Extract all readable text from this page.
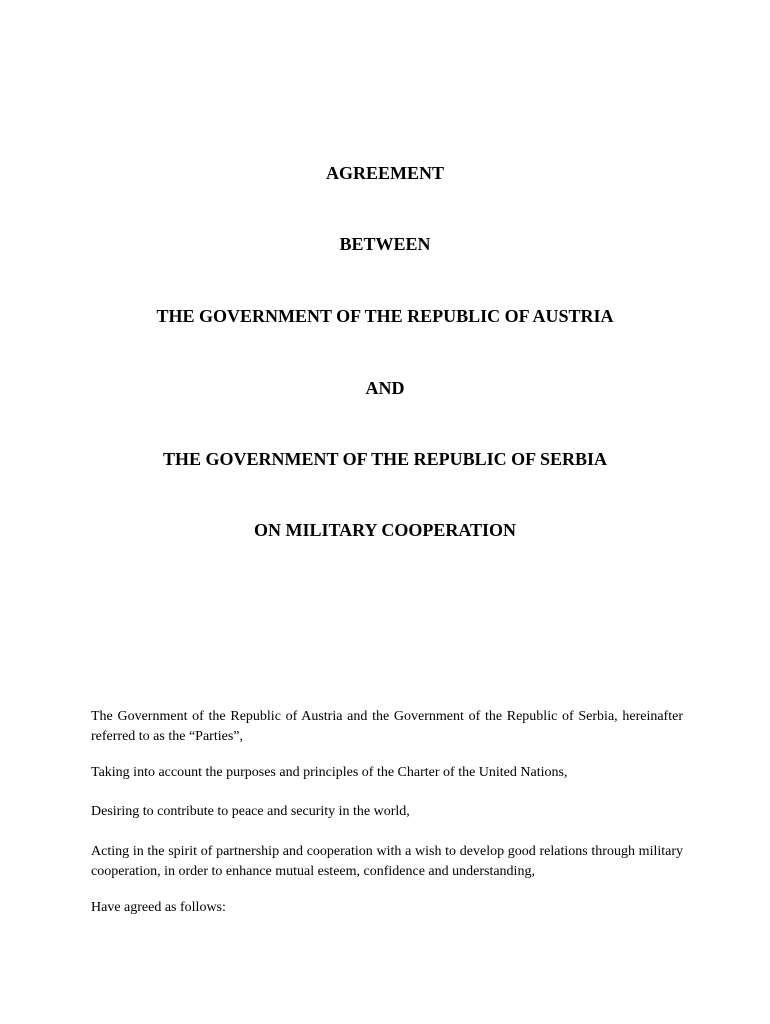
AGREEMENT
BETWEEN
THE GOVERNMENT OF THE REPUBLIC OF AUSTRIA
AND
THE GOVERNMENT OF THE REPUBLIC OF SERBIA
ON MILITARY COOPERATION
The Government of the Republic of Austria and the Government of the Republic of Serbia, hereinafter referred to as the “Parties”,
Taking into account the purposes and principles of the Charter of the United Nations,
Desiring to contribute to peace and security in the world,
Acting in the spirit of partnership and cooperation with a wish to develop good relations through military cooperation, in order to enhance mutual esteem, confidence and understanding,
Have agreed as follows:
